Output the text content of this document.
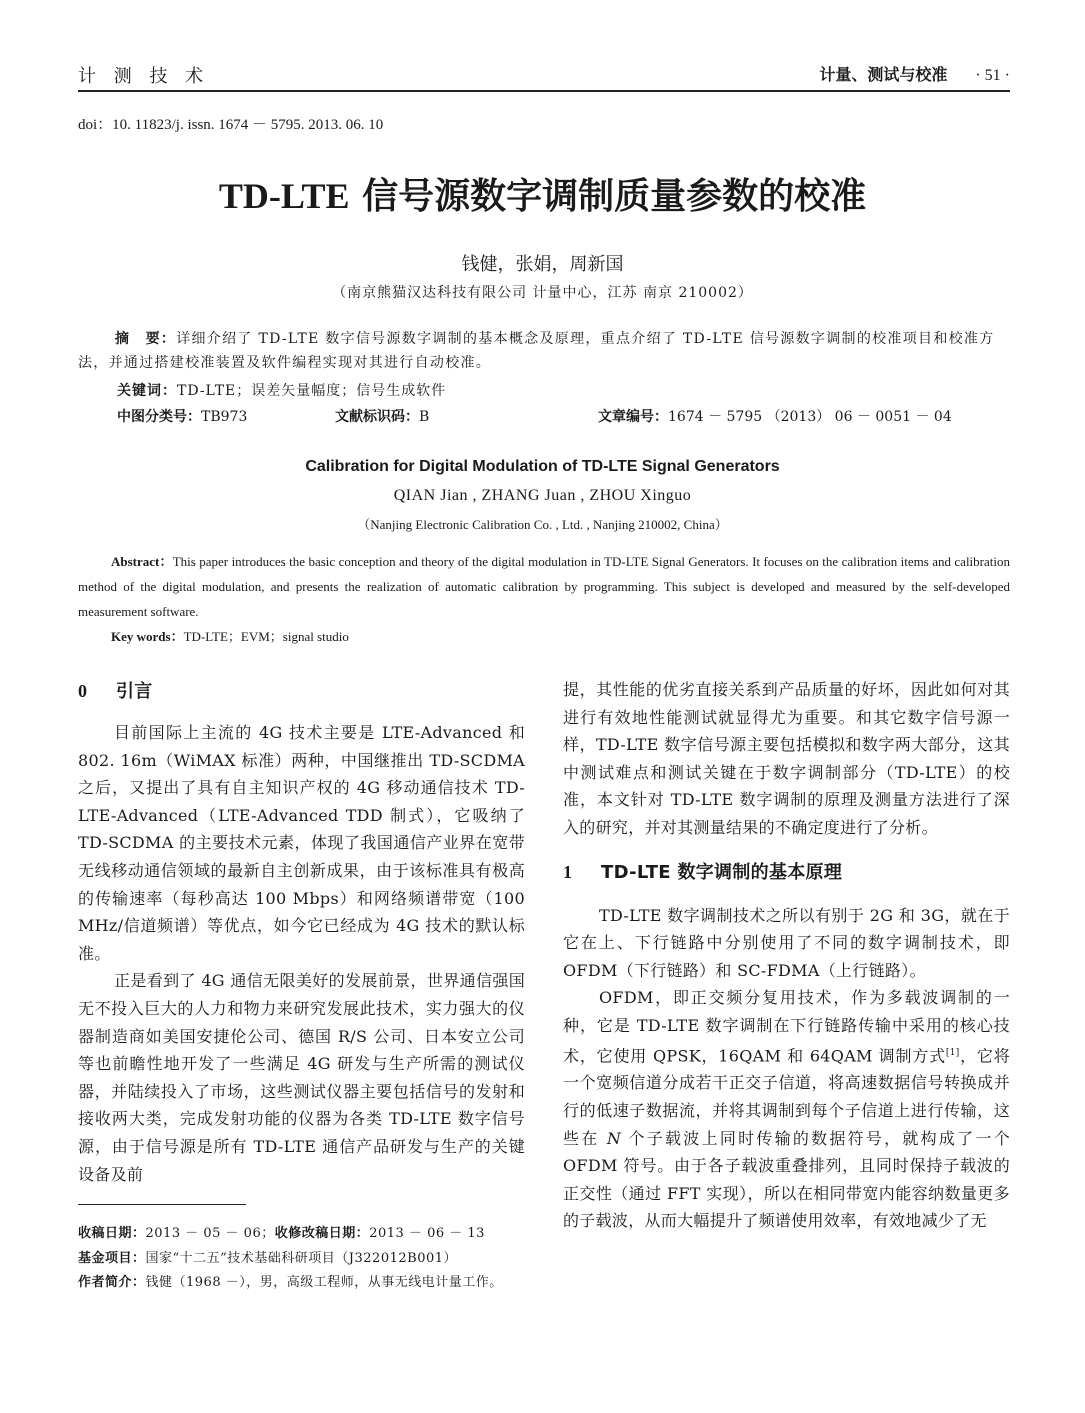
计 测 技 术	计量、测试与校准 · 51 ·
doi：10. 11823/j. issn. 1674 － 5795. 2013. 06. 10
TD-LTE 信号源数字调制质量参数的校准
钱健，张娟，周新国
（南京熊猫汉达科技有限公司 计量中心，江苏 南京 210002）
摘　要：详细介绍了 TD-LTE 数字信号源数字调制的基本概念及原理，重点介绍了 TD-LTE 信号源数字调制的校准项目和校准方法，并通过搭建校准装置及软件编程实现对其进行自动校准。
关键词：TD-LTE；误差矢量幅度；信号生成软件
中图分类号：TB973	文献标识码：B	文章编号：1674 － 5795 （2013） 06 － 0051 － 04
Calibration for Digital Modulation of TD-LTE Signal Generators
QIAN Jian , ZHANG Juan , ZHOU Xinguo
（Nanjing Electronic Calibration Co. , Ltd. , Nanjing 210002, China）
Abstract：This paper introduces the basic conception and theory of the digital modulation in TD-LTE Signal Generators. It focuses on the calibration items and calibration method of the digital modulation, and presents the realization of automatic calibration by programming. This subject is developed and measured by the self-developed measurement software.
Key words：TD-LTE；EVM；signal studio
0 引言

目前国际上主流的 4G 技术主要是 LTE-Advanced 和802. 16m（WiMAX 标准）两种，中国继推出 TD-SCDMA 之后，又提出了具有自主知识产权的 4G 移动通信技术 TD-LTE-Advanced（LTE-Advanced TDD 制式），它吸纳了 TD-SCDMA 的主要技术元素，体现了我国通信产业界在宽带无线移动通信领域的最新自主创新成果，由于该标准具有极高的传输速率（每秒高达 100 Mbps）和网络频谱带宽（100 MHz/信道频谱）等优点，如今它已经成为 4G 技术的默认标准。

正是看到了 4G 通信无限美好的发展前景，世界通信强国无不投入巨大的人力和物力来研究发展此技术，实力强大的仪器制造商如美国安捷伦公司、德国 R/S 公司、日本安立公司等也前瞻性地开发了一些满足 4G 研发与生产所需的测试仪器，并陆续投入了市场，这些测试仪器主要包括信号的发射和接收两大类，完成发射功能的仪器为各类 TD-LTE 数字信号源，由于信号源是所有 TD-LTE 通信产品研发与生产的关键设备及前

收稿日期：2013 － 05 － 06；收修改稿日期：2013 － 06 － 13

基金项目：国家“十二五”技术基础科研项目（J322012B001）

作者简介：钱健（1968 －），男，高级工程师，从事无线电计量工作。

提，其性能的优劣直接关系到产品质量的好坏，因此如何对其进行有效地性能测试就显得尤为重要。和其它数字信号源一样，TD-LTE 数字信号源主要包括模拟和数字两大部分，这其中测试难点和测试关键在于数字调制部分（TD-LTE）的校准，本文针对 TD-LTE 数字调制的原理及测量方法进行了深入的研究，并对其测量结果的不确定度进行了分析。

1 TD-LTE 数字调制的基本原理

TD-LTE 数字调制技术之所以有别于 2G 和 3G，就在于它在上、下行链路中分别使用了不同的数字调制技术，即 OFDM（下行链路）和 SC-FDMA（上行链路）。

OFDM，即正交频分复用技术，作为多载波调制的一种，它是 TD-LTE 数字调制在下行链路传输中采用的核心技术，它使用 QPSK，16QAM 和 64QAM 调制方式[1]，它将一个宽频信道分成若干正交子信道，将高速数据信号转换成并行的低速子数据流，并将其调制到每个子信道上进行传输，这些在 N 个子载波上同时传输的数据符号，就构成了一个 OFDM 符号。由于各子载波重叠排列，且同时保持子载波的正交性（通过 FFT 实现），所以在相同带宽内能容纳数量更多的子载波，从而大幅提升了频谱使用效率，有效地减少了无
